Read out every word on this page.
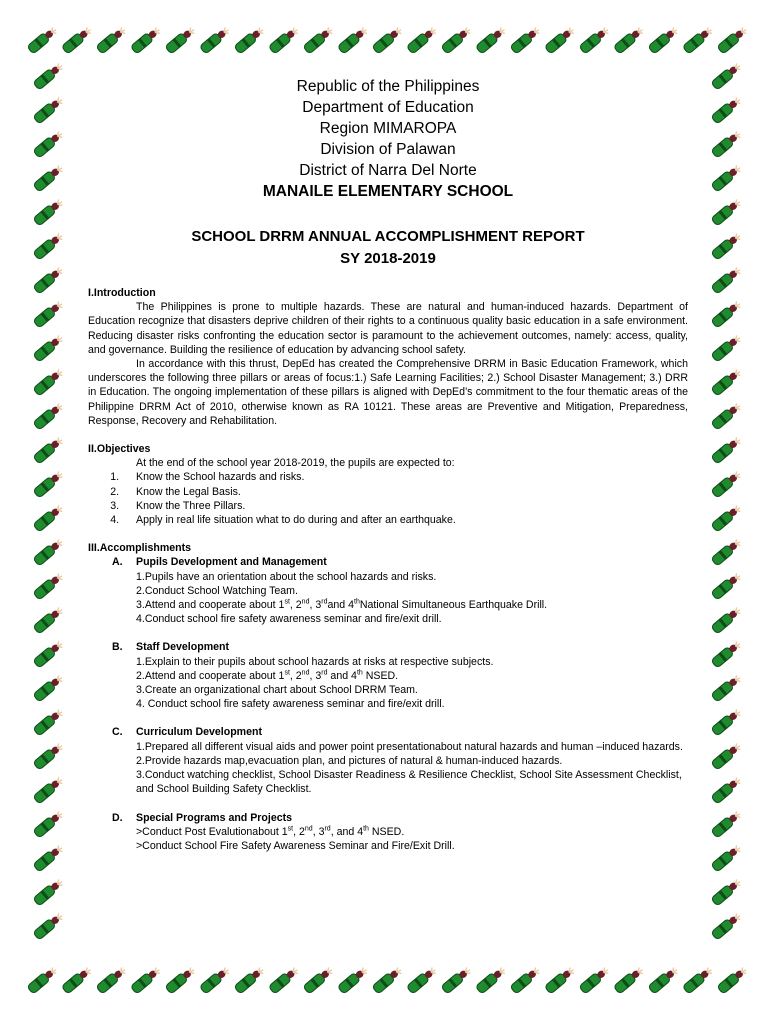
Republic of the Philippines
Department of Education
Region MIMAROPA
Division of Palawan
District of Narra Del Norte
MANAILE ELEMENTARY SCHOOL
SCHOOL DRRM ANNUAL ACCOMPLISHMENT REPORT
SY 2018-2019
I.Introduction
The Philippines is prone to multiple hazards. These are natural and human-induced hazards. Department of Education recognize that disasters deprive children of their rights to a continuous quality basic education in a safe environment. Reducing disaster risks confronting the education sector is paramount to the achievement outcomes, namely: access, quality, and governance. Building the resilience of education by advancing school safety.
In accordance with this thrust, DepEd has created the Comprehensive DRRM in Basic Education Framework, which underscores the following three pillars or areas of focus:1.) Safe Learning Facilities; 2.) School Disaster Management; 3.) DRR in Education. The ongoing implementation of these pillars is aligned with DepEd’s commitment to the four thematic areas of the Philippine DRRM Act of 2010, otherwise known as RA 10121. These areas are Preventive and Mitigation, Preparedness, Response, Recovery and Rehabilitation.
II.Objectives
At the end of the school year 2018-2019, the pupils are expected to:
1. Know the School hazards and risks.
2. Know the Legal Basis.
3. Know the Three Pillars.
4. Apply in real life situation what to do during and after an earthquake.
III.Accomplishments
A. Pupils Development and Management
1.Pupils have an orientation about the school hazards and risks.
2.Conduct School Watching Team.
3.Attend and cooperate about 1st, 2nd, 3rdand 4thNational Simultaneous Earthquake Drill.
4.Conduct school fire safety awareness seminar and fire/exit drill.
B. Staff Development
1.Explain to their pupils about school hazards at risks at respective subjects.
2.Attend and cooperate about 1st, 2nd, 3rd and 4th NSED.
3.Create an organizational chart about School DRRM Team.
4. Conduct school fire safety awareness seminar and fire/exit drill.
C. Curriculum Development
1.Prepared all different visual aids and power point presentationabout natural hazards and human –induced hazards.
2.Provide hazards map,evacuation plan, and pictures of natural & human-induced hazards.
3.Conduct watching checklist, School Disaster Readiness & Resilience Checklist, School Site Assessment Checklist, and School Building Safety Checklist.
D. Special Programs and Projects
>Conduct Post Evalutionabout 1st, 2nd, 3rd, and 4th NSED.
>Conduct School Fire Safety Awareness Seminar and Fire/Exit Drill.
